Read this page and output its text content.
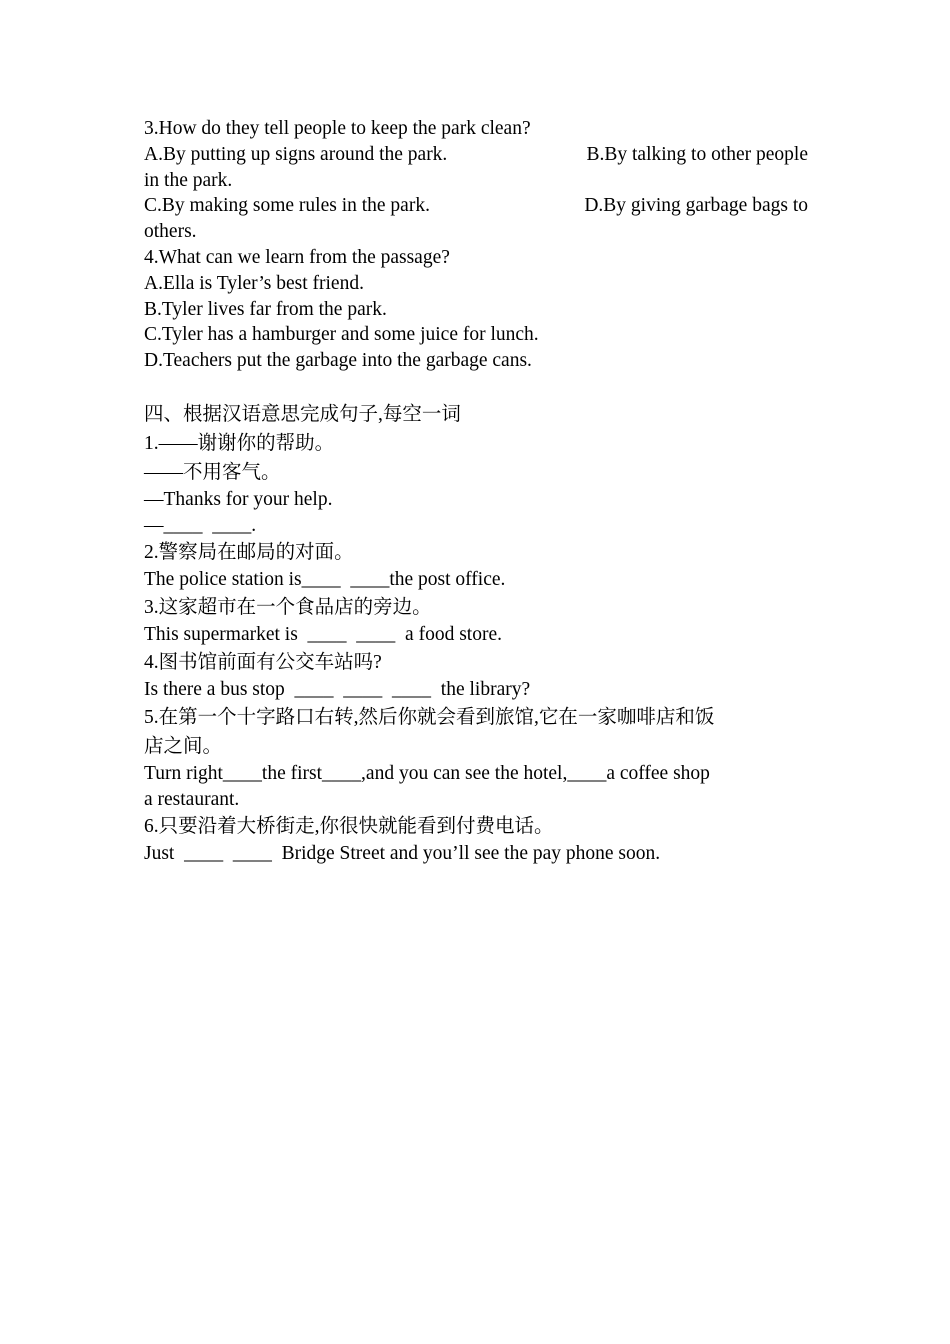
3.How do they tell people to keep the park clean?
A.By putting up signs around the park.	B.By talking to other people
in the park.
C.By making some rules in the park.	D.By giving garbage bags to
others.
4.What can we learn from the passage?
A.Ella is Tyler’s best friend.
B.Tyler lives far from the park.
C.Tyler has a hamburger and some juice for lunch.
D.Teachers put the garbage into the garbage cans.
四、根据汉语意思完成句子,每空一词
1.——谢谢你的帮助。
——不用客气。
—Thanks for your help.
—____  ____.
2.警察局在邮局的对面。
The police station is____  ____the post office.
3.这家超市在一个食品店的旁边。
This supermarket is  ____  ____  a food store.
4.图书馆前面有公交车站吗?
Is there a bus stop  ____  ____  ____  the library?
5.在第一个十字路口右转,然后你就会看到旅馆,它在一家咖啡店和饭
店之间。
Turn right____the first____,and you can see the hotel,____a coffee shop
a restaurant.
6.只要沿着大桥街走,你很快就能看到付费电话。
Just  ____  ____  Bridge Street and you’ll see the pay phone soon.
